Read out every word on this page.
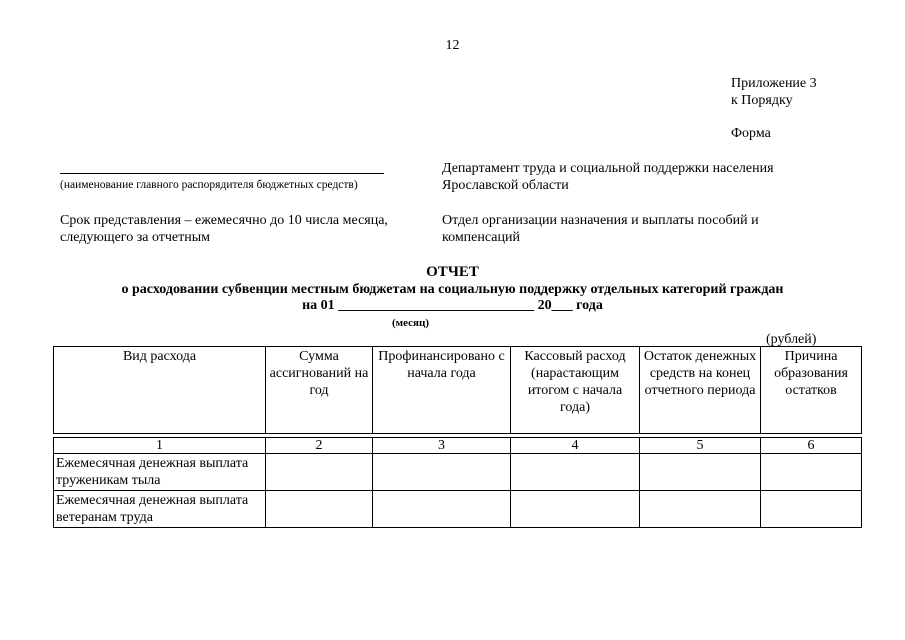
12
Приложение 3
к Порядку
Форма
(наименование главного распорядителя бюджетных средств)
Срок представления – ежемесячно до 10 числа месяца, следующего за отчетным
Департамент труда и социальной поддержки населения Ярославской области
Отдел организации назначения и выплаты пособий и компенсаций
ОТЧЕТ
о расходовании субвенции местным бюджетам на социальную поддержку отдельных категорий граждан
на 01 ____________________________ 20___ года
(месяц)
(рублей)
Вид расхода	Сумма ассигнований на год	Профинансировано с начала года	Кассовый расход (нарастающим итогом с начала года)	Остаток денежных средств на конец отчетного периода	Причина образования остатков

1	2	3	4	5	6
Ежемесячная денежная выплата труженикам тыла					
Ежемесячная денежная выплата ветеранам труда					
